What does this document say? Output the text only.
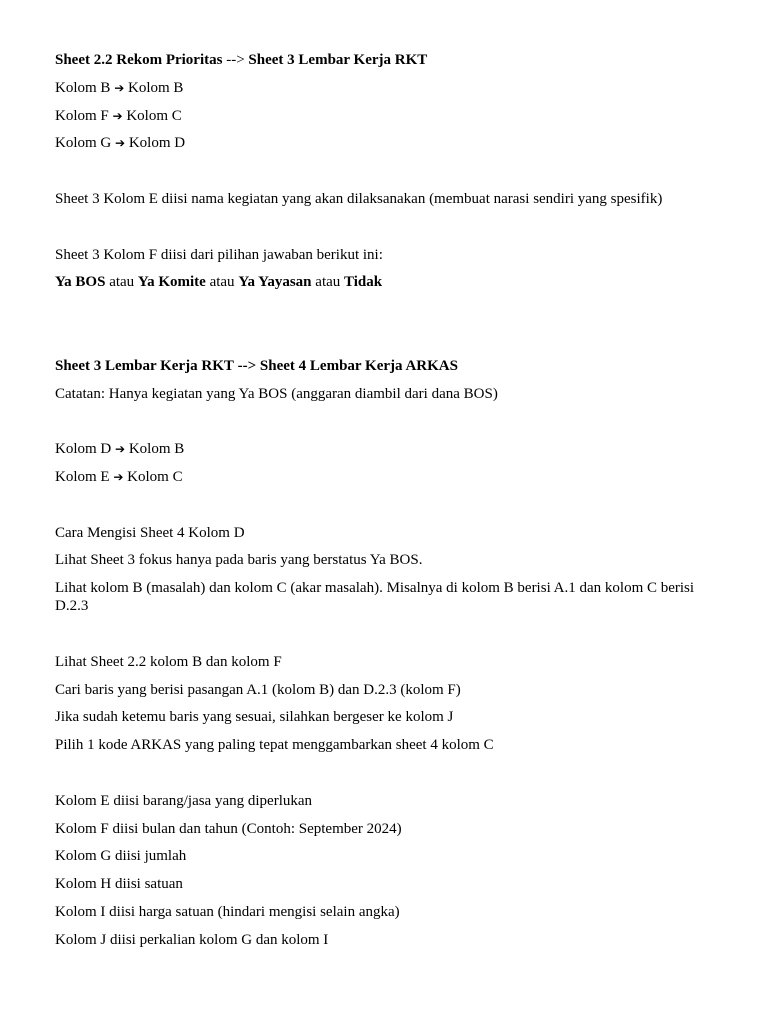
Sheet 2.2 Rekom Prioritas --> Sheet 3 Lembar Kerja RKT

Kolom B ➔ Kolom B

Kolom F ➔ Kolom C

Kolom G ➔ Kolom D

Sheet 3 Kolom E diisi nama kegiatan yang akan dilaksanakan (membuat narasi sendiri yang spesifik)

Sheet 3 Kolom F diisi dari pilihan jawaban berikut ini:

Ya BOS atau Ya Komite atau Ya Yayasan atau Tidak

Sheet 3 Lembar Kerja RKT --> Sheet 4 Lembar Kerja ARKAS

Catatan: Hanya kegiatan yang Ya BOS (anggaran diambil dari dana BOS)

Kolom D ➔ Kolom B

Kolom E ➔ Kolom C

Cara Mengisi Sheet 4 Kolom D

Lihat Sheet 3 fokus hanya pada baris yang berstatus Ya BOS.

Lihat kolom B (masalah) dan kolom C (akar masalah). Misalnya di kolom B berisi A.1 dan kolom C berisi D.2.3

Lihat Sheet 2.2 kolom B dan kolom F

Cari baris yang berisi pasangan A.1 (kolom B) dan D.2.3 (kolom F)

Jika sudah ketemu baris yang sesuai, silahkan bergeser ke kolom J

Pilih 1 kode ARKAS yang paling tepat menggambarkan sheet 4 kolom C

Kolom E diisi barang/jasa yang diperlukan

Kolom F diisi bulan dan tahun (Contoh: September 2024)

Kolom G diisi jumlah

Kolom H diisi satuan

Kolom I diisi harga satuan (hindari mengisi selain angka)

Kolom J diisi perkalian kolom G dan kolom I
